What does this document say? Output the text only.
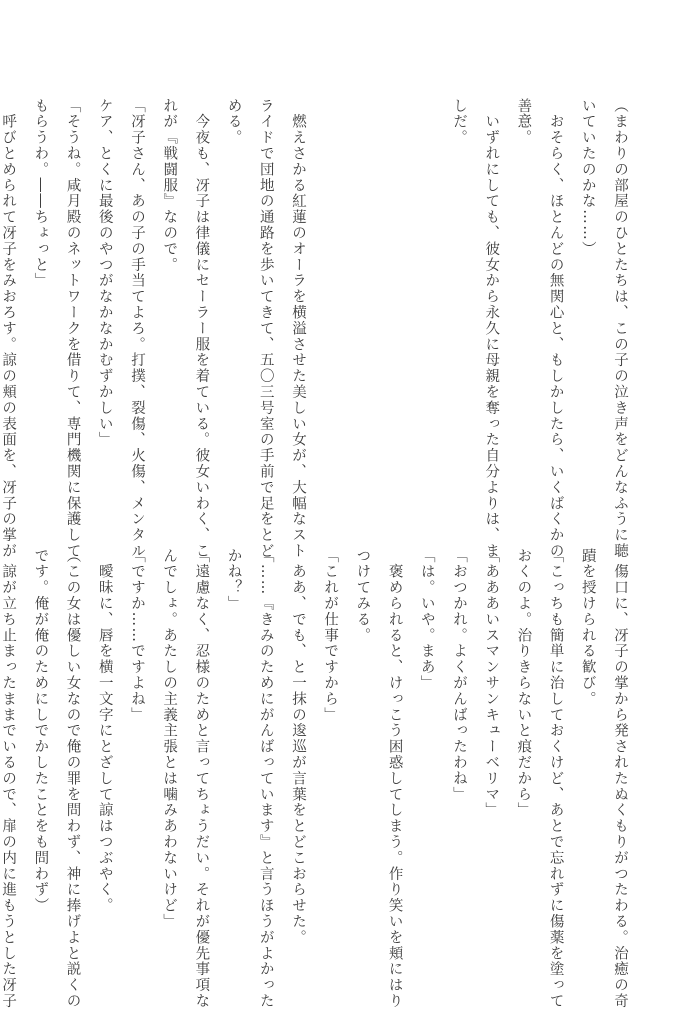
（まわりの部屋のひとたちは、この子の泣き声をどんなふうに聴

いていたのかな……）

　おそらく、ほとんどの無関心と、もしかしたら、いくばくかの

善意。

　いずれにしても、彼女から永久に母親を奪った自分よりは、ま

しだ。

　燃えさかる紅蓮のオーラを横溢させた美しい女が、大幅なスト

ライドで団地の通路を歩いてきて、五〇三号室の手前で足をとど

める。

　今夜も、冴子は律儀にセーラー服を着ている。彼女いわく、こ

れが『戦闘服』なので。

「冴子さん、あの子の手当てよろ。打撲、裂傷、火傷、メンタル

ケア、とくに最後のやつがなかなかむずかしい」

「そうね。咸月殿のネットワークを借りて、専門機関に保護して

もらうわ。――ちょっと」

　呼びとめられて冴子をみおろす。諒の頬の表面を、冴子の掌が

　傷口に、冴子の掌から発されたぬくもりがつたわる。治癒の奇

蹟を授けられる歓び。

「こっちも簡単に治しておくけど、あとで忘れずに傷薬を塗って

おくのよ。治りきらないと痕だから」

「あああいスマンサンキューベリマ」

「おつかれ。よくがんばったわね」

「は。いや。まあ」

　褒められると、けっこう困惑してしまう。作り笑いを頬にはり

つけてみる。

「これが仕事ですから」

　ああ、でも、と一抹の逡巡が言葉をとどこおらせた。

「……『きみのためにがんばっています』と言うほうがよかった

かね？」

「遠慮なく、忍様のためと言ってちょうだい。それが優先事項な

んでしょ。あたしの主義主張とは噛みあわないけど」

「ですか……ですよね」

　曖昧に、唇を横一文字にとざして諒はつぶやく。

（この女は優しい女なので俺の罪を問わず、神に捧げよと説くの

です。俺が俺のためにしでかしたことをも問わず）

　諒が立ち止まったままでいるので、扉の内に進もうとした冴子
